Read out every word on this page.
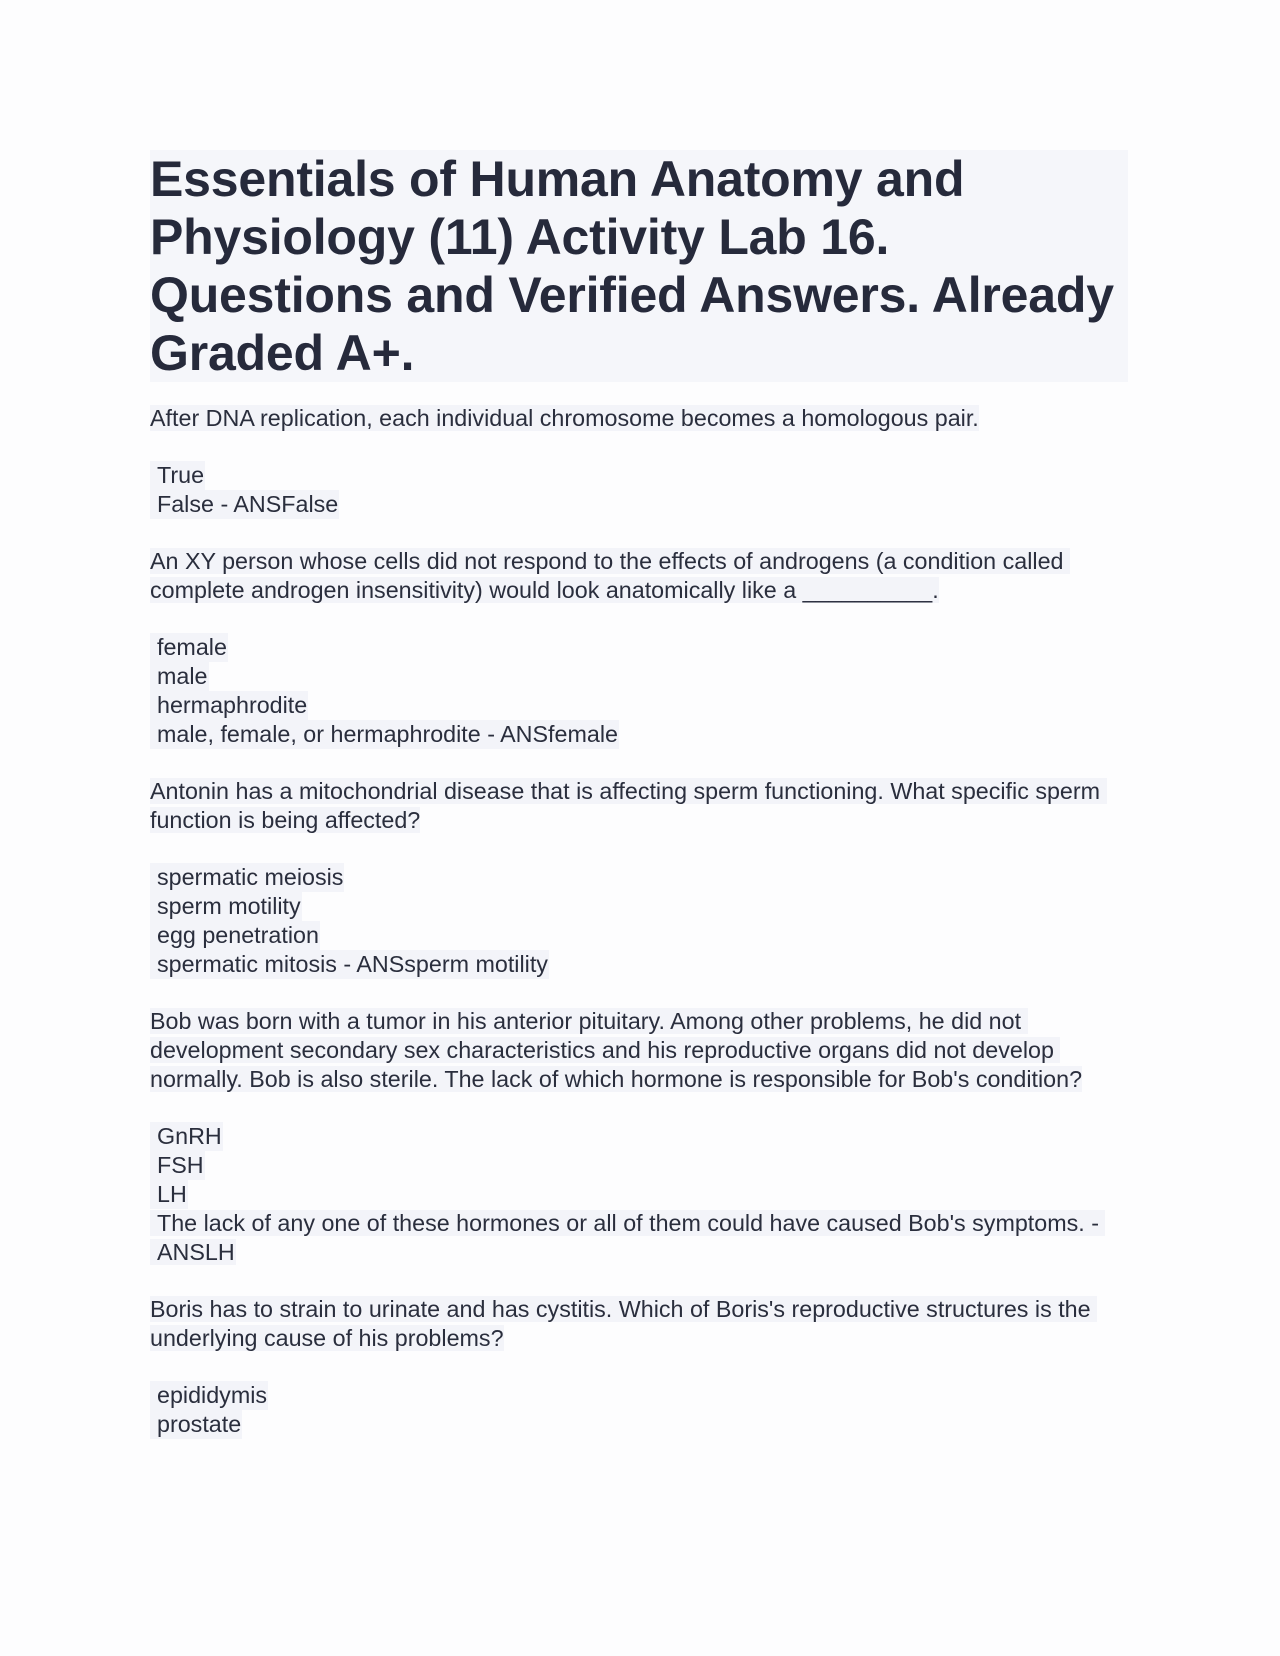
Essentials of Human Anatomy and Physiology (11) Activity Lab 16. Questions and Verified Answers. Already Graded A+.
After DNA replication, each individual chromosome becomes a homologous pair.
True
False - ANSFalse
An XY person whose cells did not respond to the effects of androgens (a condition called complete androgen insensitivity) would look anatomically like a __________.
female
male
hermaphrodite
male, female, or hermaphrodite - ANSfemale
Antonin has a mitochondrial disease that is affecting sperm functioning. What specific sperm function is being affected?
spermatic meiosis
sperm motility
egg penetration
spermatic mitosis - ANSsperm motility
Bob was born with a tumor in his anterior pituitary. Among other problems, he did not development secondary sex characteristics and his reproductive organs did not develop normally. Bob is also sterile. The lack of which hormone is responsible for Bob's condition?
GnRH
FSH
LH
The lack of any one of these hormones or all of them could have caused Bob's symptoms. - ANSLH
Boris has to strain to urinate and has cystitis. Which of Boris's reproductive structures is the underlying cause of his problems?
epididymis
prostate
